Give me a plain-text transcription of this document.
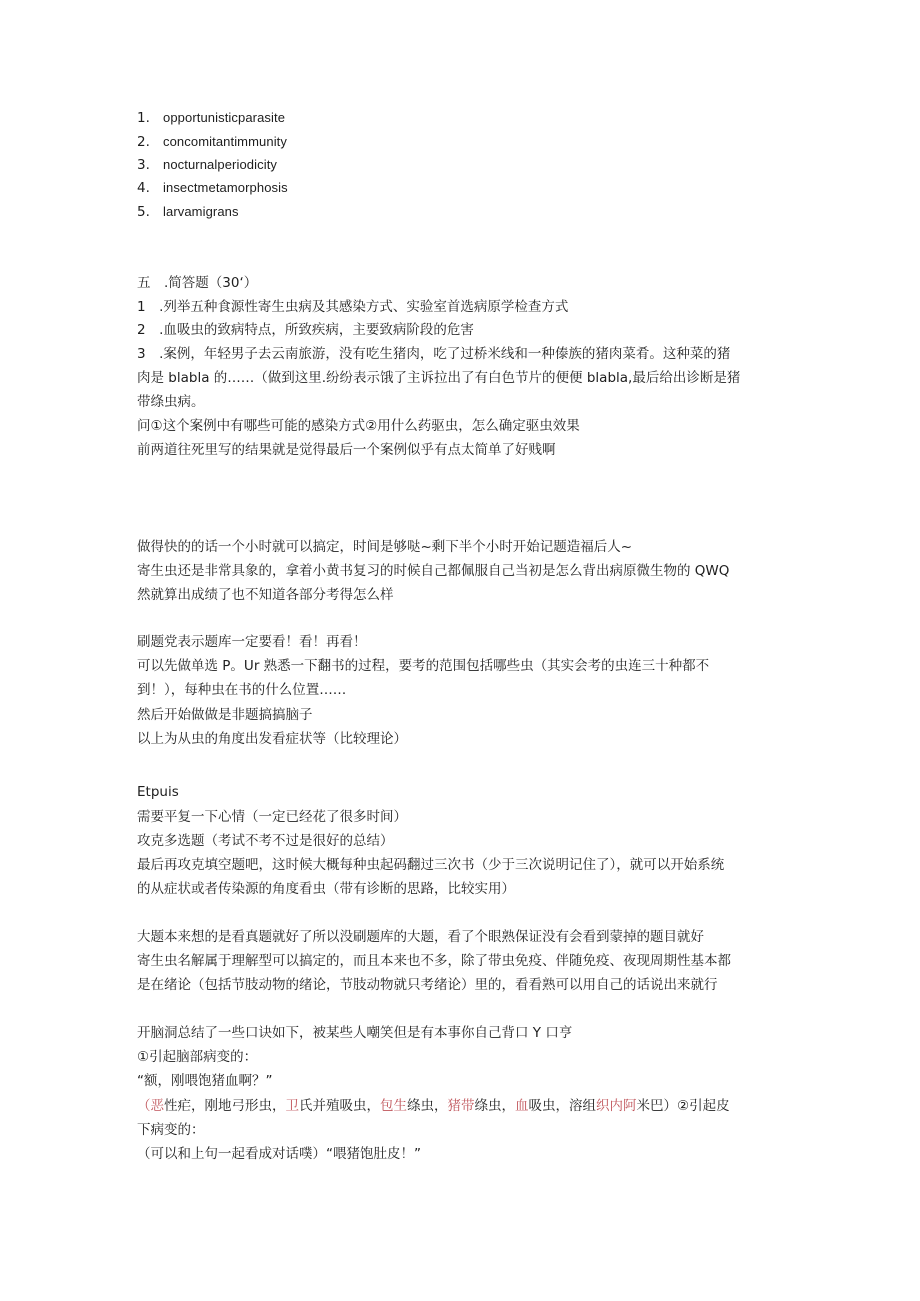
1. opportunisticparasite
2. concomitantimmunity
3. nocturnalperiodicity
4. insectmetamorphosis
5. larvamigrans
五　.简答题（30‘）
1　.列举五种食源性寄生虫病及其感染方式、实验室首选病原学检查方式
2　.血吸虫的致病特点，所致疾病，主要致病阶段的危害
3　.案例，年轻男子去云南旅游，没有吃生猪肉，吃了过桥米线和一种傣族的猪肉菜肴。这种菜的猪
肉是 blabla 的……（做到这里.纷纷表示饿了主诉拉出了有白色节片的便便 blabla,最后给出诊断是猪
带绦虫病。
问①这个案例中有哪些可能的感染方式②用什么药驱虫，怎么确定驱虫效果
前两道往死里写的结果就是觉得最后一个案例似乎有点太简单了好贱啊
做得快的的话一个小时就可以搞定，时间是够哒~剩下半个小时开始记题造福后人~
寄生虫还是非常具象的，拿着小黄书复习的时候自己都佩服自己当初是怎么背出病原微生物的 QWQ
然就算出成绩了也不知道各部分考得怎么样
刷题党表示题库一定要看！看！再看！
可以先做单选 P。Ur 熟悉一下翻书的过程，要考的范围包括哪些虫（其实会考的虫连三十种都不
到！），每种虫在书的什么位置……
然后开始做做是非题搞搞脑子
以上为从虫的角度出发看症状等（比较理论）
Etpuis
需要平复一下心情（一定已经花了很多时间）
攻克多选题（考试不考不过是很好的总结）
最后再攻克填空题吧，这时候大概每种虫起码翻过三次书（少于三次说明记住了），就可以开始系统
的从症状或者传染源的角度看虫（带有诊断的思路，比较实用）
大题本来想的是看真题就好了所以没刷题库的大题，看了个眼熟保证没有会看到蒙掉的题目就好
寄生虫名解属于理解型可以搞定的，而且本来也不多，除了带虫免疫、伴随免疫、夜现周期性基本都
是在绪论（包括节肢动物的绪论，节肢动物就只考绪论）里的，看看熟可以用自己的话说出来就行
开脑洞总结了一些口诀如下，被某些人嘲笑但是有本事你自己背口 Y 口亨
①引起脑部病变的：
“额，刚喂饱猪血啊？”
（恶性疟，刚地弓形虫，卫氏并殖吸虫，包生绦虫，猪带绦虫，血吸虫，溶组织内阿米巴）②引起皮
下病变的：
（可以和上句一起看成对话噗）“喂猪饱肚皮！”
